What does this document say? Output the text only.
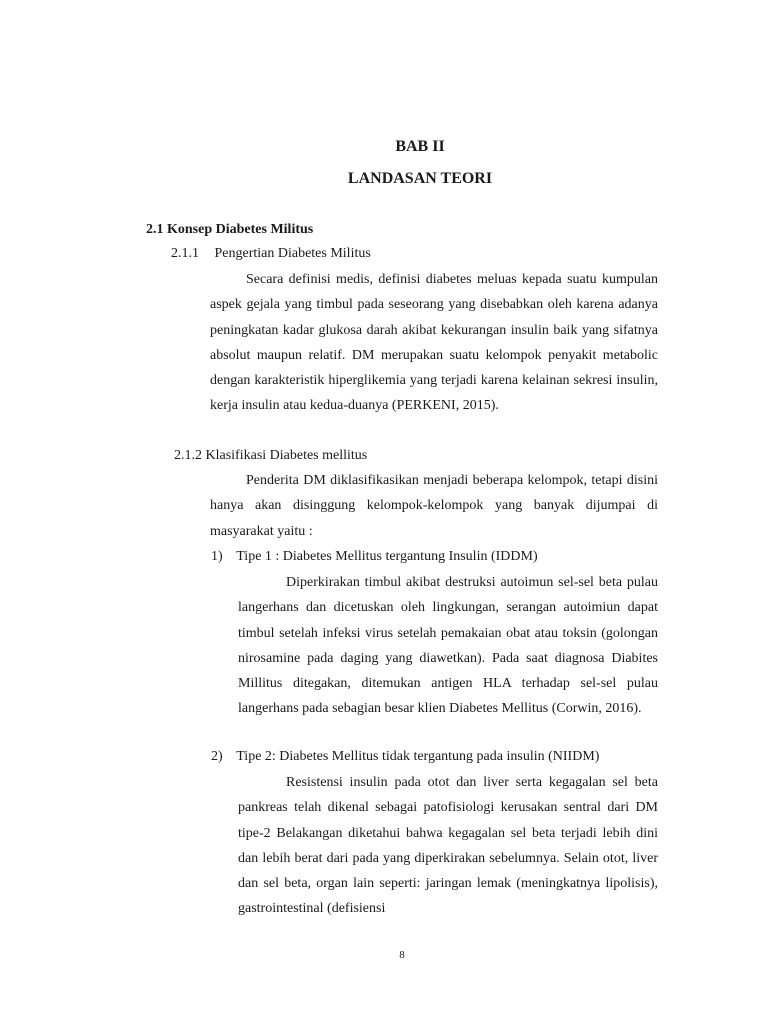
BAB II
LANDASAN TEORI
2.1 Konsep Diabetes Militus
2.1.1 Pengertian Diabetes Militus

Secara definisi medis, definisi diabetes meluas kepada suatu kumpulan aspek gejala yang timbul pada seseorang yang disebabkan oleh karena adanya peningkatan kadar glukosa darah akibat kekurangan insulin baik yang sifatnya absolut maupun relatif. DM merupakan suatu kelompok penyakit metabolic dengan karakteristik hiperglikemia yang terjadi karena kelainan sekresi insulin, kerja insulin atau kedua-duanya (PERKENI, 2015).

2.1.2 Klasifikasi Diabetes mellitus

Penderita DM diklasifikasikan menjadi beberapa kelompok, tetapi disini hanya akan disinggung kelompok-kelompok yang banyak dijumpai di masyarakat yaitu :

1) Tipe 1 : Diabetes Mellitus tergantung Insulin (IDDM)

Diperkirakan timbul akibat destruksi autoimun sel-sel beta pulau langerhans dan dicetuskan oleh lingkungan, serangan autoimiun dapat timbul setelah infeksi virus setelah pemakaian obat atau toksin (golongan nirosamine pada daging yang diawetkan). Pada saat diagnosa Diabites Millitus ditegakan, ditemukan antigen HLA terhadap sel-sel pulau langerhans pada sebagian besar klien Diabetes Mellitus (Corwin, 2016).

2) Tipe 2: Diabetes Mellitus tidak tergantung pada insulin (NIIDM)

Resistensi insulin pada otot dan liver serta kegagalan sel beta pankreas telah dikenal sebagai patofisiologi kerusakan sentral dari DM tipe-2 Belakangan diketahui bahwa kegagalan sel beta terjadi lebih dini dan lebih berat dari pada yang diperkirakan sebelumnya. Selain otot, liver dan sel beta, organ lain seperti: jaringan lemak (meningkatnya lipolisis), gastrointestinal (defisiensi

8
